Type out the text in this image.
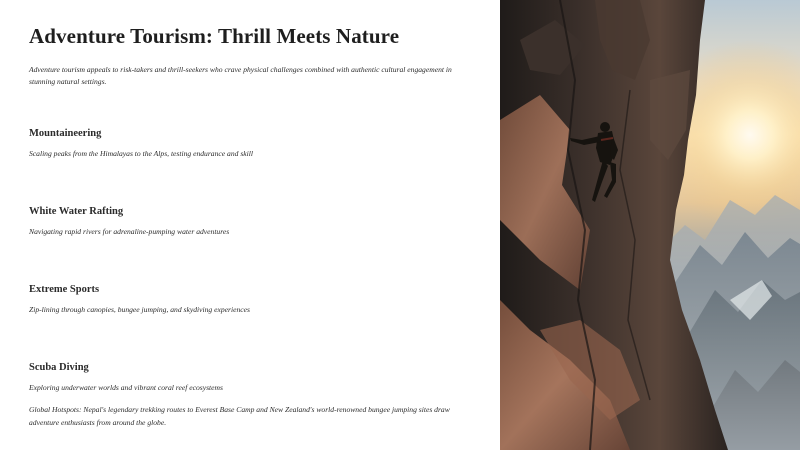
Adventure Tourism: Thrill Meets Nature

Adventure tourism appeals to risk-takers and thrill-seekers who crave physical challenges combined with authentic cultural engagement in stunning natural settings.

Mountaineering

Scaling peaks from the Himalayas to the Alps, testing endurance and skill

White Water Rafting

Navigating rapid rivers for adrenaline-pumping water adventures

Extreme Sports

Zip-lining through canopies, bungee jumping, and skydiving experiences

Scuba Diving

Exploring underwater worlds and vibrant coral reef ecosystems

Global Hotspots: Nepal's legendary trekking routes to Everest Base Camp and New Zealand's world-renowned bungee jumping sites draw adventure enthusiasts from around the globe.
